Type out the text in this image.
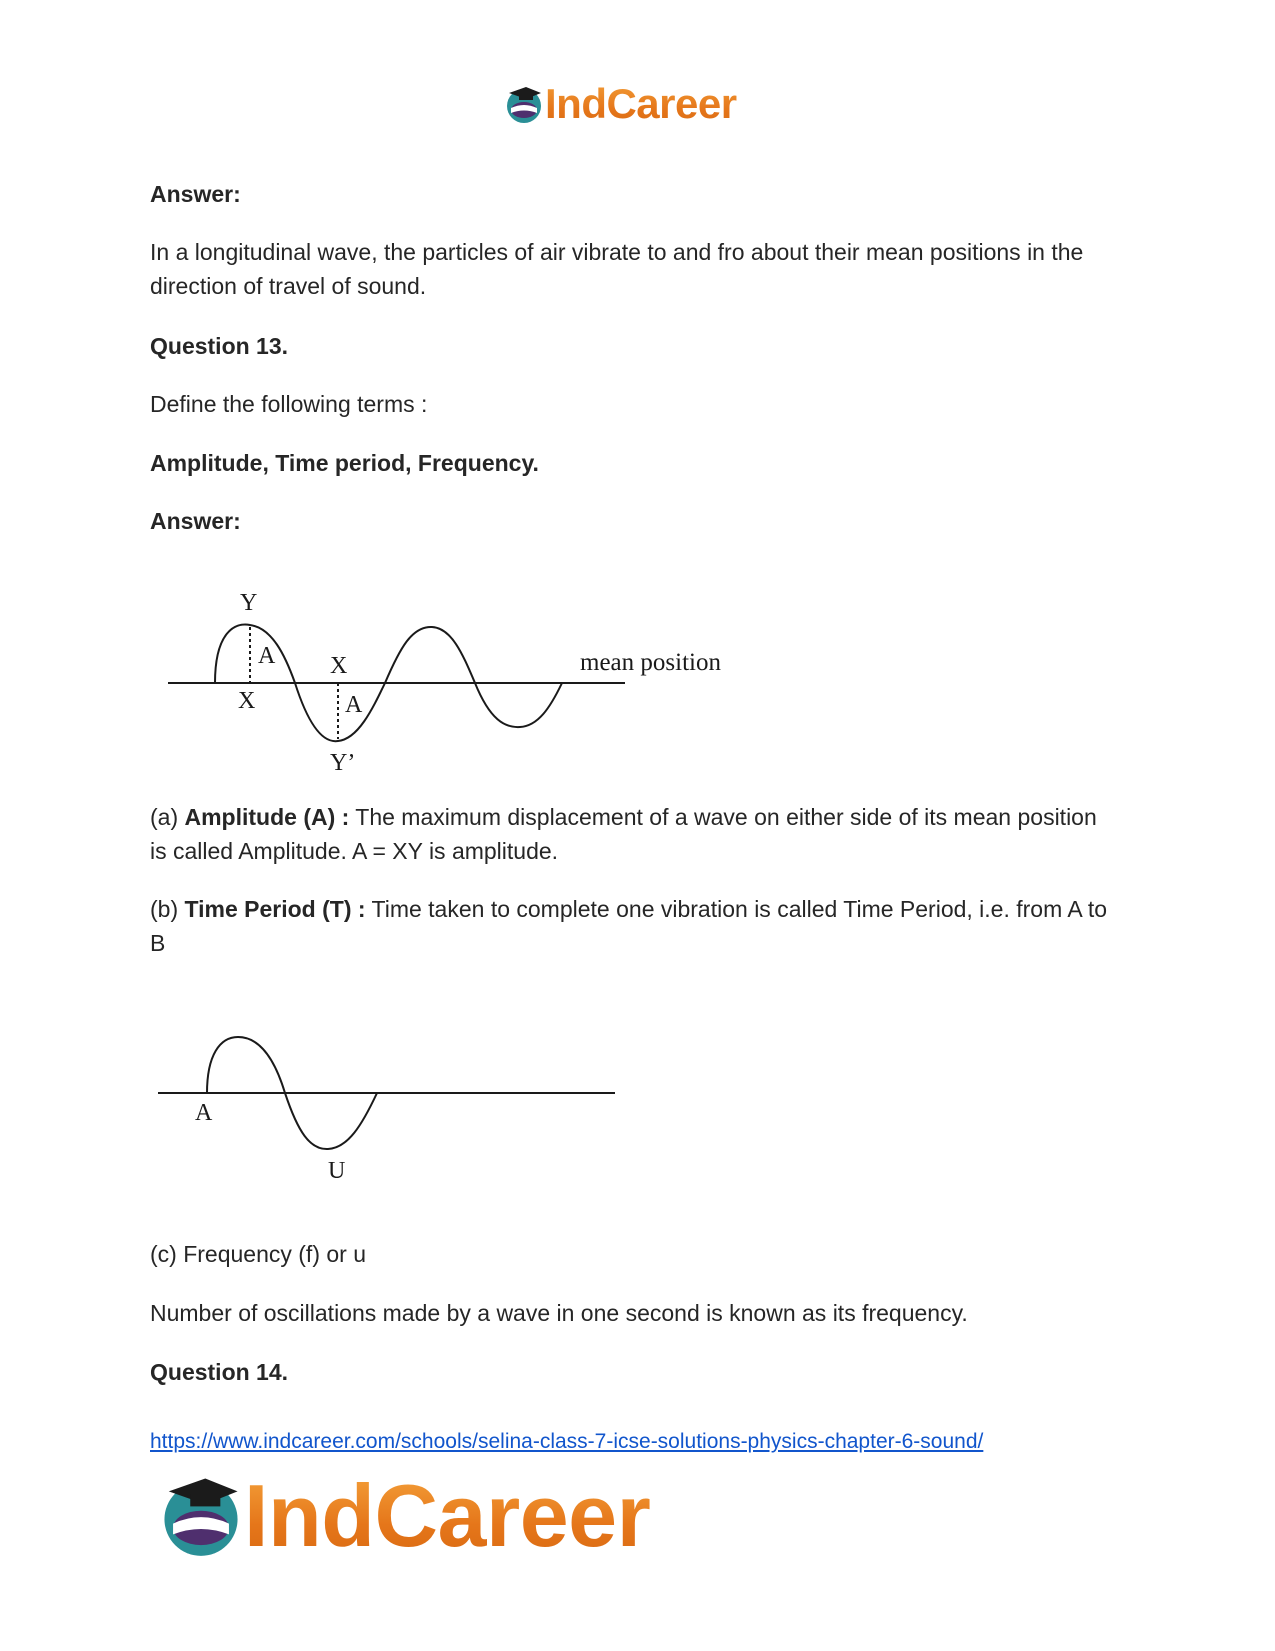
IndCareer

Answer:

In a longitudinal wave, the particles of air vibrate to and fro about their mean positions in the direction of travel of sound.

Question 13.

Define the following terms :

Amplitude, Time period, Frequency.

Answer:

Y
A
X
X
A
Y’
mean position

(a) Amplitude (A) : The maximum displacement of a wave on either side of its mean position is called Amplitude. A = XY is amplitude.

(b) Time Period (T) : Time taken to complete one vibration is called Time Period, i.e. from A to B

A
U

(c) Frequency (f) or u

Number of oscillations made by a wave in one second is known as its frequency.

Question 14.

https://www.indcareer.com/schools/selina-class-7-icse-solutions-physics-chapter-6-sound/
IndCareer
